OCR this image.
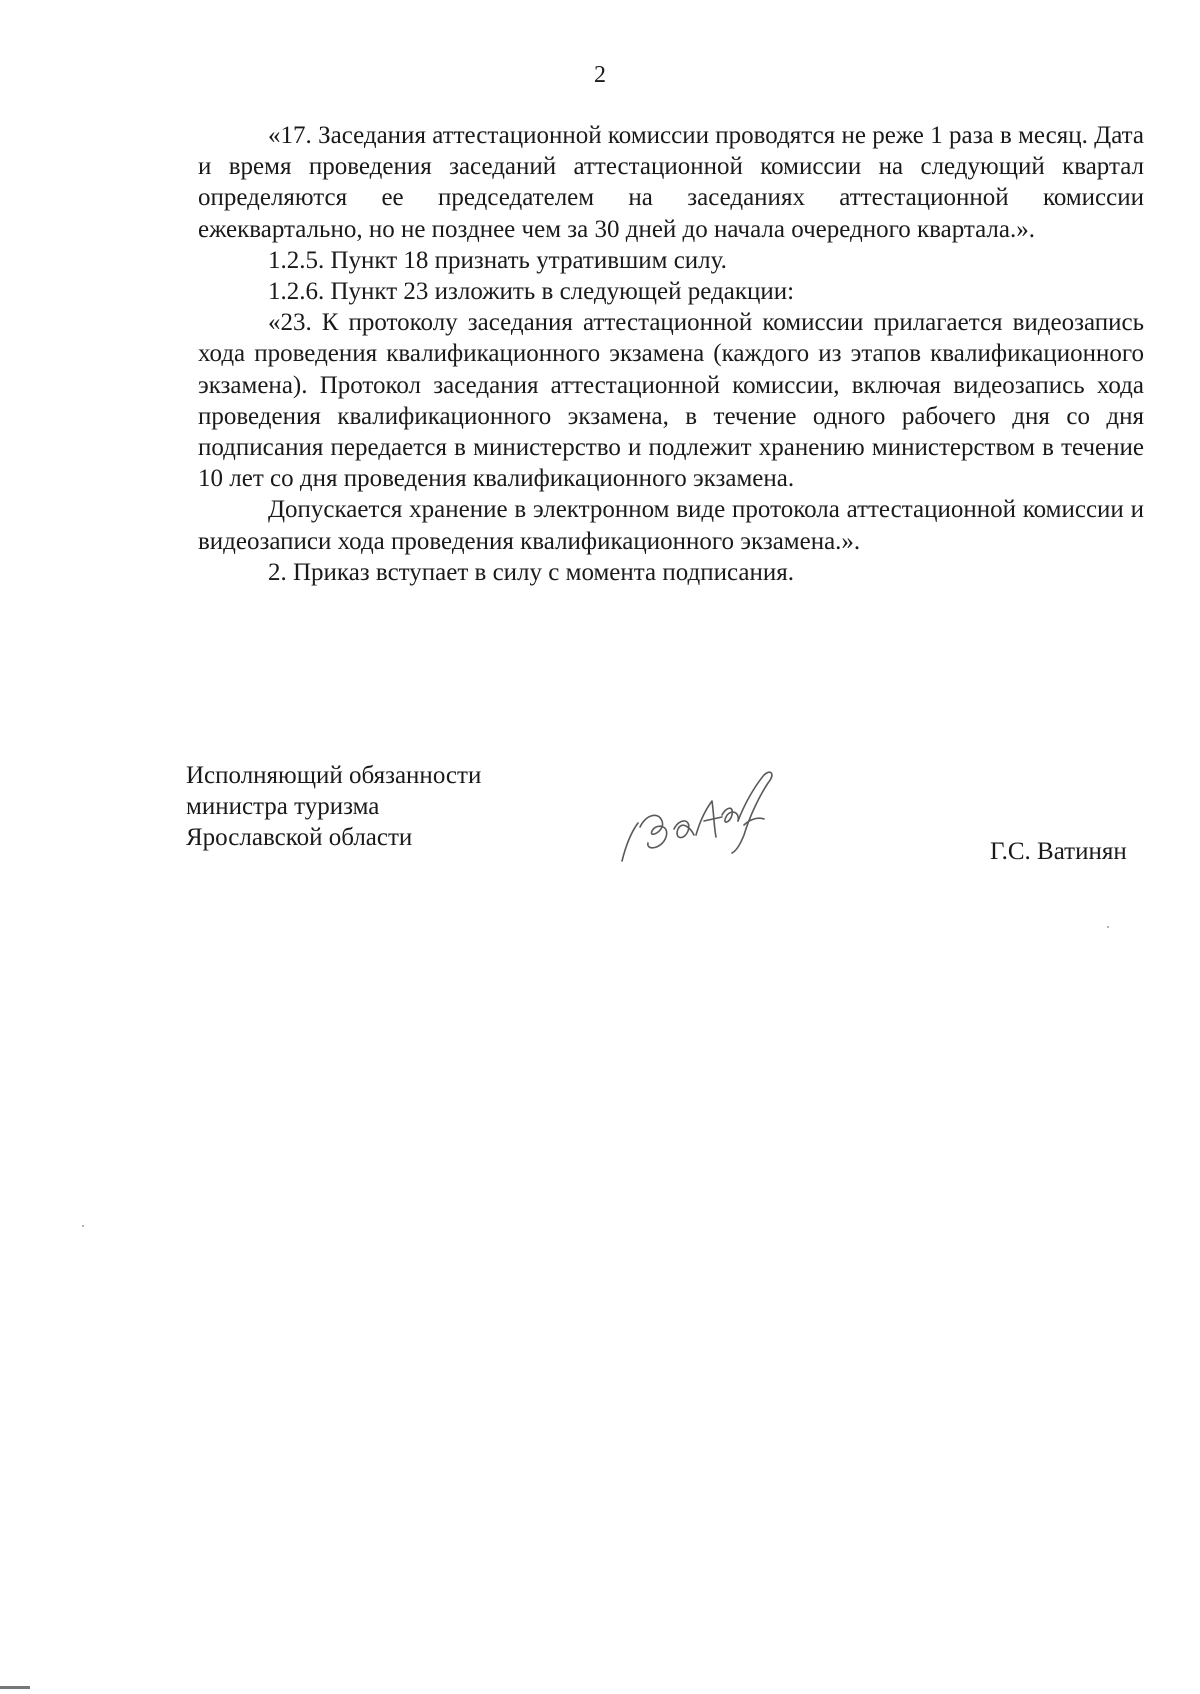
2

«17. Заседания аттестационной комиссии проводятся не реже 1 раза в месяц. Дата и время проведения заседаний аттестационной комиссии на следующий квартал определяются ее председателем на заседаниях аттестационной комиссии ежеквартально, но не позднее чем за 30 дней до начала очередного квартала.».

1.2.5. Пункт 18 признать утратившим силу.

1.2.6. Пункт 23 изложить в следующей редакции:

«23. К протоколу заседания аттестационной комиссии прилагается видеозапись хода проведения квалификационного экзамена (каждого из этапов квалификационного экзамена). Протокол заседания аттестационной комиссии, включая видеозапись хода проведения квалификационного экзамена, в течение одного рабочего дня со дня подписания передается в министерство и подлежит хранению министерством в течение 10 лет со дня проведения квалификационного экзамена.

Допускается хранение в электронном виде протокола аттестационной комиссии и видеозаписи хода проведения квалификационного экзамена.».

2. Приказ вступает в силу с момента подписания.

Исполняющий обязанности
министра туризма
Ярославской области
Г.С. Ватинян
